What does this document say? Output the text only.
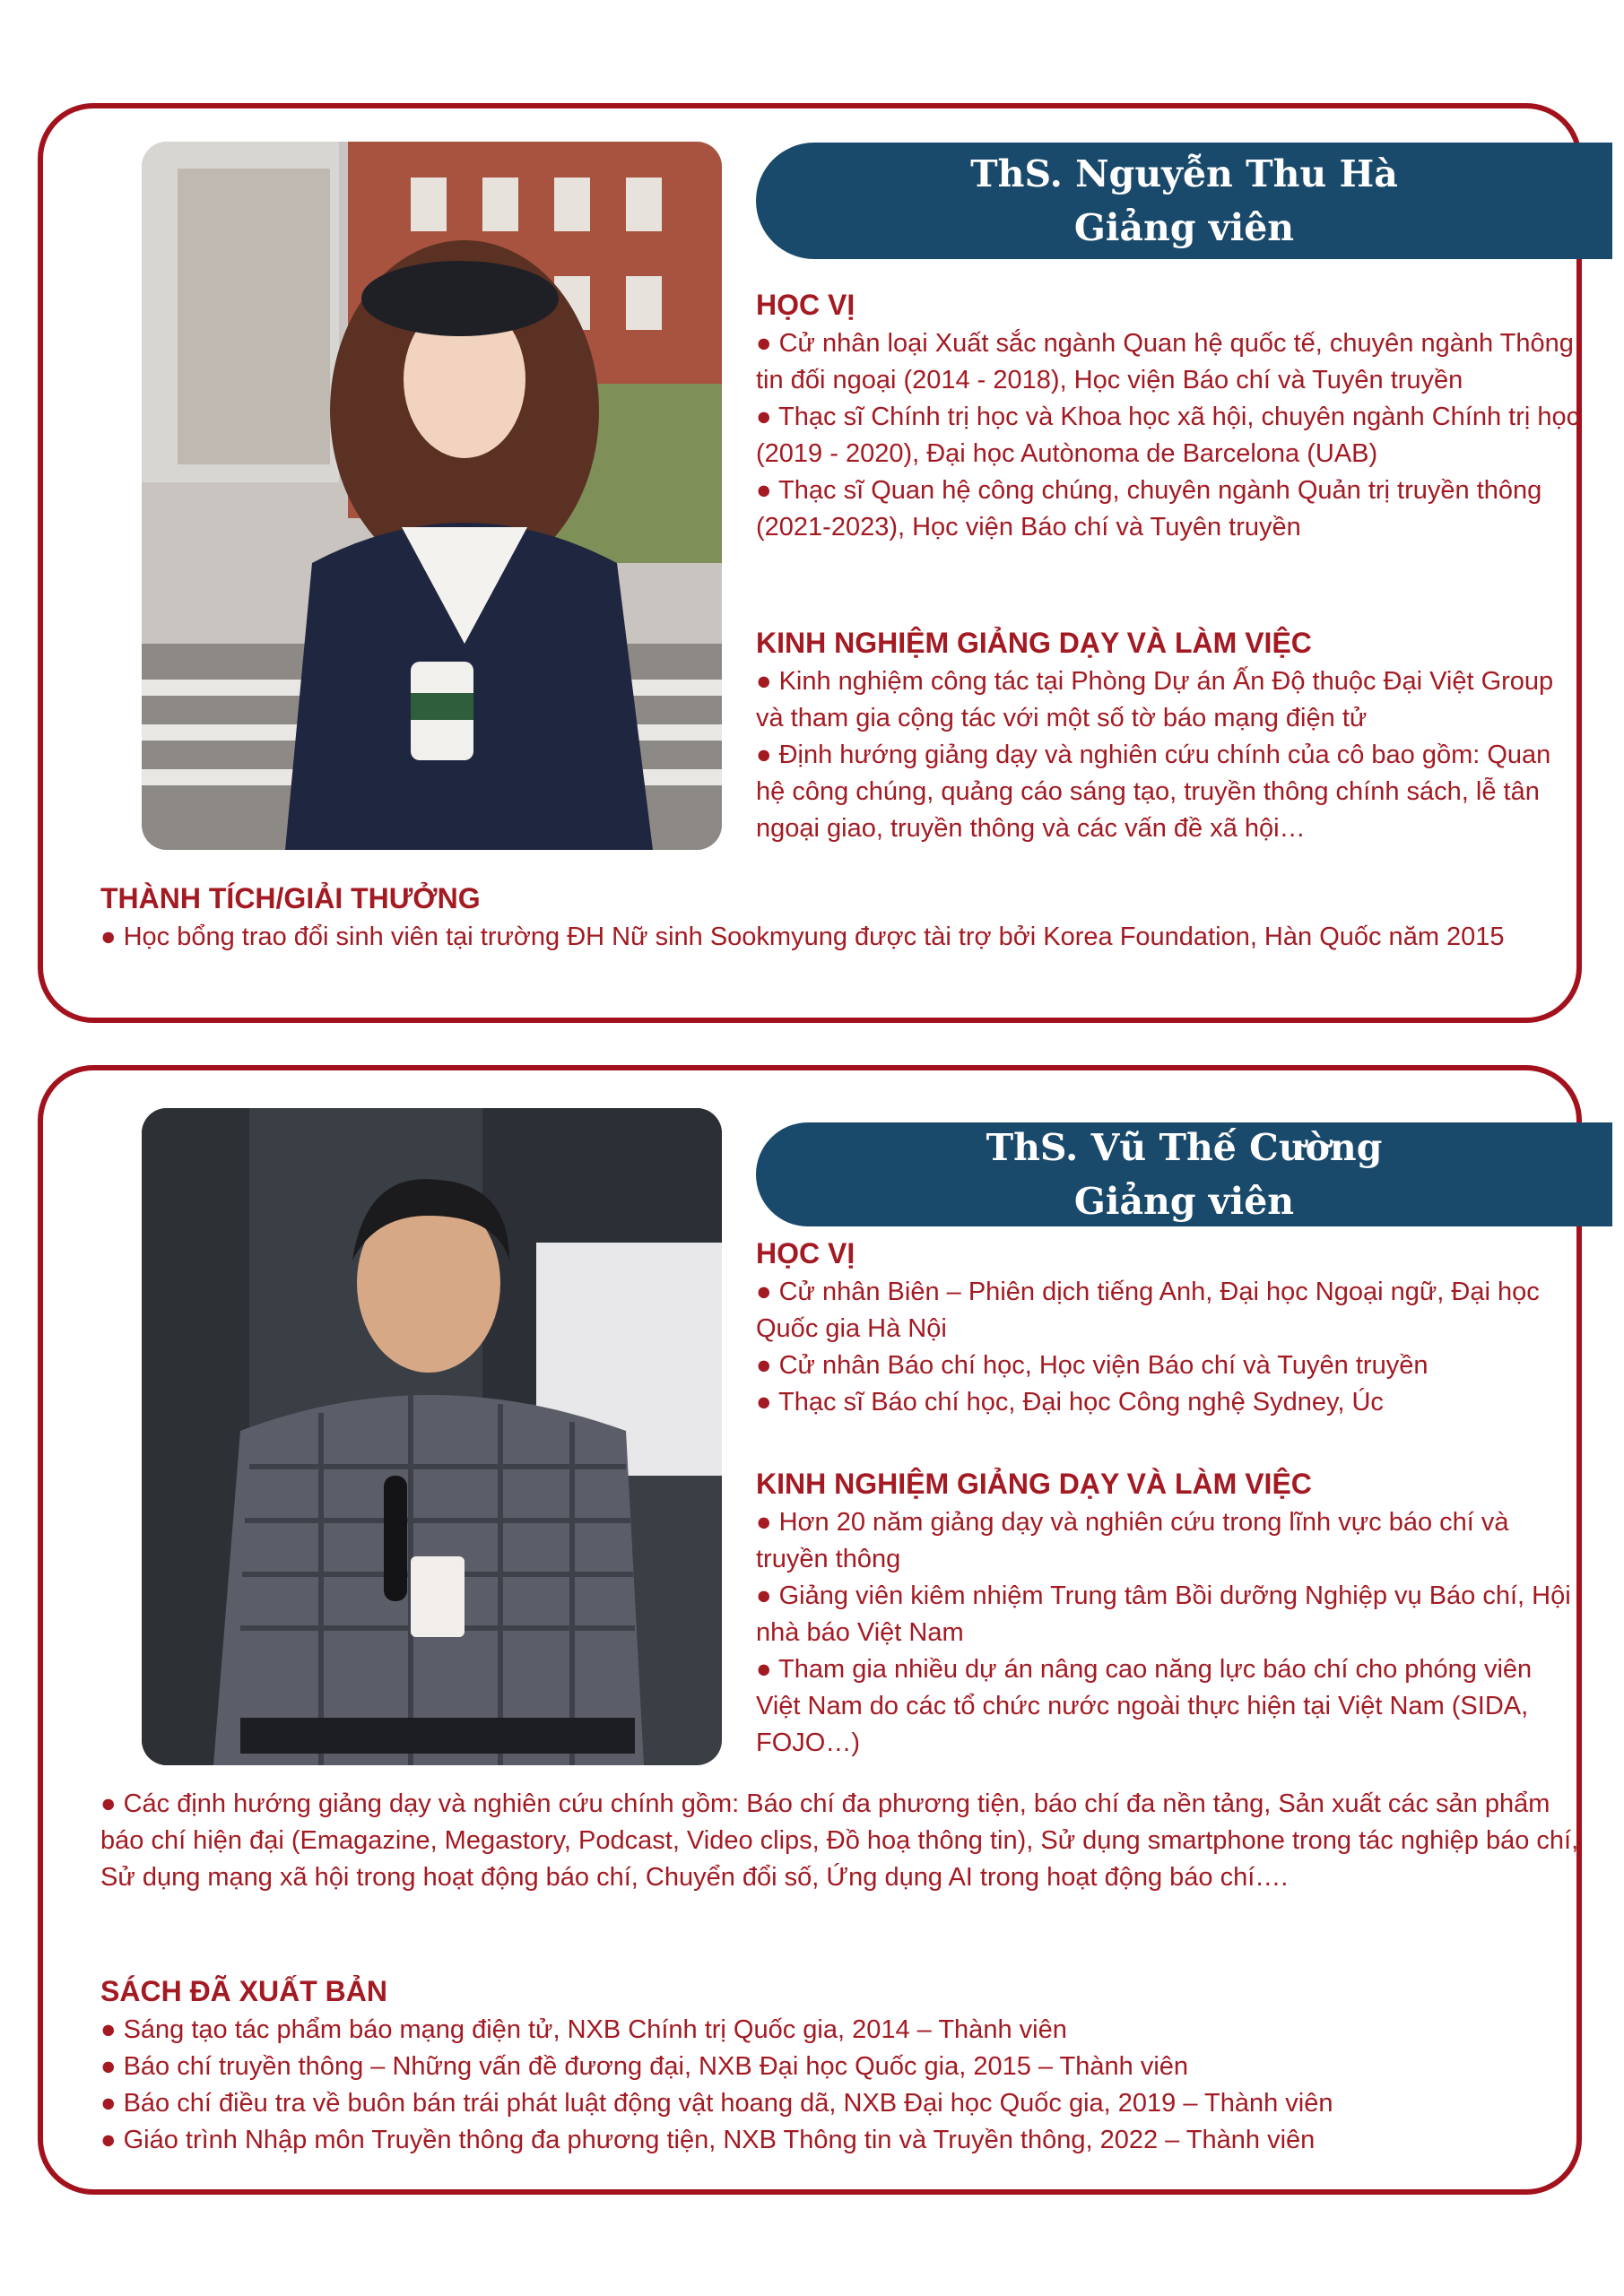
ThS. Nguyễn Thu Hà
Giảng viên
HỌC VỊ

● Cử nhân loại Xuất sắc ngành Quan hệ quốc tế, chuyên ngành Thông tin đối ngoại (2014 - 2018), Học viện Báo chí và Tuyên truyền

● Thạc sĩ Chính trị học và Khoa học xã hội, chuyên ngành Chính trị học (2019 - 2020), Đại học Autònoma de Barcelona (UAB)

● Thạc sĩ Quan hệ công chúng, chuyên ngành Quản trị truyền thông (2021-2023), Học viện Báo chí và Tuyên truyền

KINH NGHIỆM GIẢNG DẠY VÀ LÀM VIỆC

● Kinh nghiệm công tác tại Phòng Dự án Ấn Độ thuộc Đại Việt Group và tham gia cộng tác với một số tờ báo mạng điện tử

● Định hướng giảng dạy và nghiên cứu chính của cô bao gồm: Quan hệ công chúng, quảng cáo sáng tạo, truyền thông chính sách, lễ tân ngoại giao, truyền thông và các vấn đề xã hội…

THÀNH TÍCH/GIẢI THƯỞNG

● Học bổng trao đổi sinh viên tại trường ĐH Nữ sinh Sookmyung được tài trợ bởi Korea Foundation, Hàn Quốc năm 2015

ThS. Vũ Thế Cường
Giảng viên
HỌC VỊ

● Cử nhân Biên – Phiên dịch tiếng Anh, Đại học Ngoại ngữ, Đại học Quốc gia Hà Nội

● Cử nhân Báo chí học, Học viện Báo chí và Tuyên truyền

● Thạc sĩ Báo chí học, Đại học Công nghệ Sydney, Úc

KINH NGHIỆM GIẢNG DẠY VÀ LÀM VIỆC

● Hơn 20 năm giảng dạy và nghiên cứu trong lĩnh vực báo chí và truyền thông

● Giảng viên kiêm nhiệm Trung tâm Bồi dưỡng Nghiệp vụ Báo chí, Hội nhà báo Việt Nam

● Tham gia nhiều dự án nâng cao năng lực báo chí cho phóng viên Việt Nam do các tổ chức nước ngoài thực hiện tại Việt Nam (SIDA, FOJO…)

● Các định hướng giảng dạy và nghiên cứu chính gồm: Báo chí đa phương tiện, báo chí đa nền tảng, Sản xuất các sản phẩm báo chí hiện đại (Emagazine, Megastory, Podcast, Video clips, Đồ hoạ thông tin), Sử dụng smartphone trong tác nghiệp báo chí, Sử dụng mạng xã hội trong hoạt động báo chí, Chuyển đổi số, Ứng dụng AI trong hoạt động báo chí….

SÁCH ĐÃ XUẤT BẢN

● Sáng tạo tác phẩm báo mạng điện tử, NXB Chính trị Quốc gia, 2014 – Thành viên

● Báo chí truyền thông – Những vấn đề đương đại, NXB Đại học Quốc gia, 2015 – Thành viên

● Báo chí điều tra về buôn bán trái phát luật động vật hoang dã, NXB Đại học Quốc gia, 2019 – Thành viên

● Giáo trình Nhập môn Truyền thông đa phương tiện, NXB Thông tin và Truyền thông, 2022 – Thành viên
